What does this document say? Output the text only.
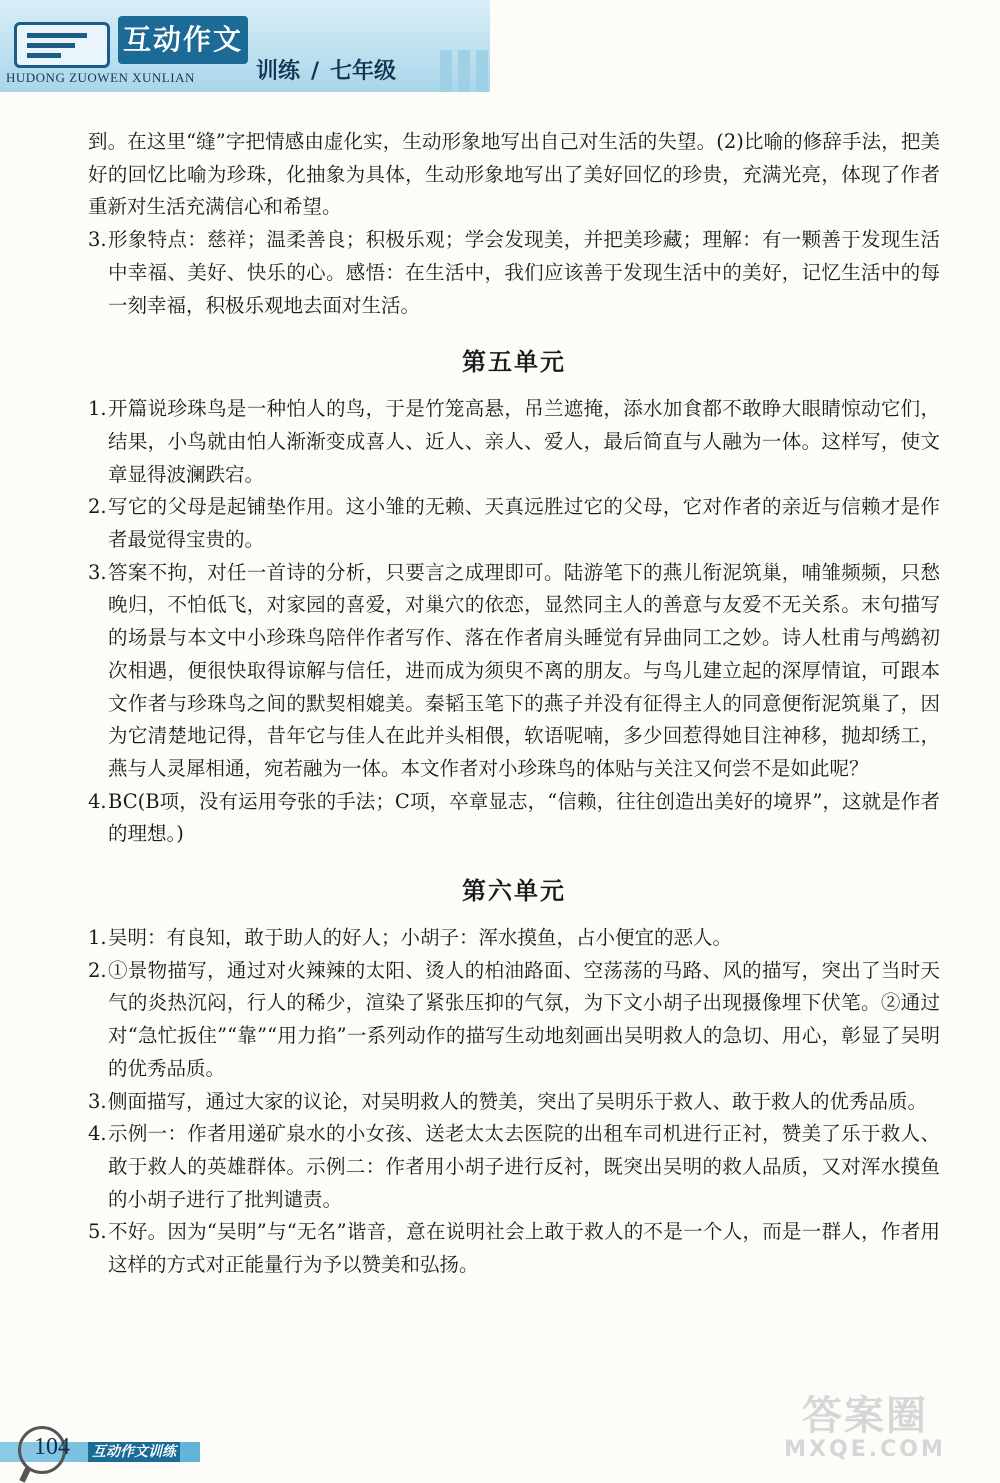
互动作文
HUDONG ZUOWEN XUNLIAN	训练 / 七年级

到。在这里“缝”字把情感由虚化实，生动形象地写出自己对生活的失望。(2)比喻的修辞手法，把美好的回忆比喻为珍珠，化抽象为具体，生动形象地写出了美好回忆的珍贵，充满光亮，体现了作者重新对生活充满信心和希望。

3. 形象特点：慈祥；温柔善良；积极乐观；学会发现美，并把美珍藏；理解：有一颗善于发现生活中幸福、美好、快乐的心。感悟：在生活中，我们应该善于发现生活中的美好，记忆生活中的每一刻幸福，积极乐观地去面对生活。

第五单元

1. 开篇说珍珠鸟是一种怕人的鸟，于是竹笼高悬，吊兰遮掩，添水加食都不敢睁大眼睛惊动它们，结果，小鸟就由怕人渐渐变成喜人、近人、亲人、爱人，最后简直与人融为一体。这样写，使文章显得波澜跌宕。

2. 写它的父母是起铺垫作用。这小雏的无赖、天真远胜过它的父母，它对作者的亲近与信赖才是作者最觉得宝贵的。

3. 答案不拘，对任一首诗的分析，只要言之成理即可。陆游笔下的燕儿衔泥筑巢，哺雏频频，只愁晚归，不怕低飞，对家园的喜爱，对巢穴的依恋，显然同主人的善意与友爱不无关系。末句描写的场景与本文中小珍珠鸟陪伴作者写作、落在作者肩头睡觉有异曲同工之妙。诗人杜甫与鸬鹚初次相遇，便很快取得谅解与信任，进而成为须臾不离的朋友。与鸟儿建立起的深厚情谊，可跟本文作者与珍珠鸟之间的默契相媲美。秦韬玉笔下的燕子并没有征得主人的同意便衔泥筑巢了，因为它清楚地记得，昔年它与佳人在此并头相偎，软语呢喃，多少回惹得她目注神移，抛却绣工，燕与人灵犀相通，宛若融为一体。本文作者对小珍珠鸟的体贴与关注又何尝不是如此呢？

4. BC(B项，没有运用夸张的手法；C项，卒章显志，“信赖，往往创造出美好的境界”，这就是作者的理想。)

第六单元

1. 吴明：有良知，敢于助人的好人；小胡子：浑水摸鱼，占小便宜的恶人。

2. ①景物描写，通过对火辣辣的太阳、烫人的柏油路面、空荡荡的马路、风的描写，突出了当时天气的炎热沉闷，行人的稀少，渲染了紧张压抑的气氛，为下文小胡子出现摄像埋下伏笔。②通过对“急忙扳住”“靠”“用力掐”一系列动作的描写生动地刻画出吴明救人的急切、用心，彰显了吴明的优秀品质。

3. 侧面描写，通过大家的议论，对吴明救人的赞美，突出了吴明乐于救人、敢于救人的优秀品质。

4. 示例一：作者用递矿泉水的小女孩、送老太太去医院的出租车司机进行正衬，赞美了乐于救人、敢于救人的英雄群体。示例二：作者用小胡子进行反衬，既突出吴明的救人品质，又对浑水摸鱼的小胡子进行了批判谴责。

5. 不好。因为“吴明”与“无名”谐音，意在说明社会上敢于救人的不是一个人，而是一群人，作者用这样的方式对正能量行为予以赞美和弘扬。

104 互动作文训练
答案圈
MXQE.COM
